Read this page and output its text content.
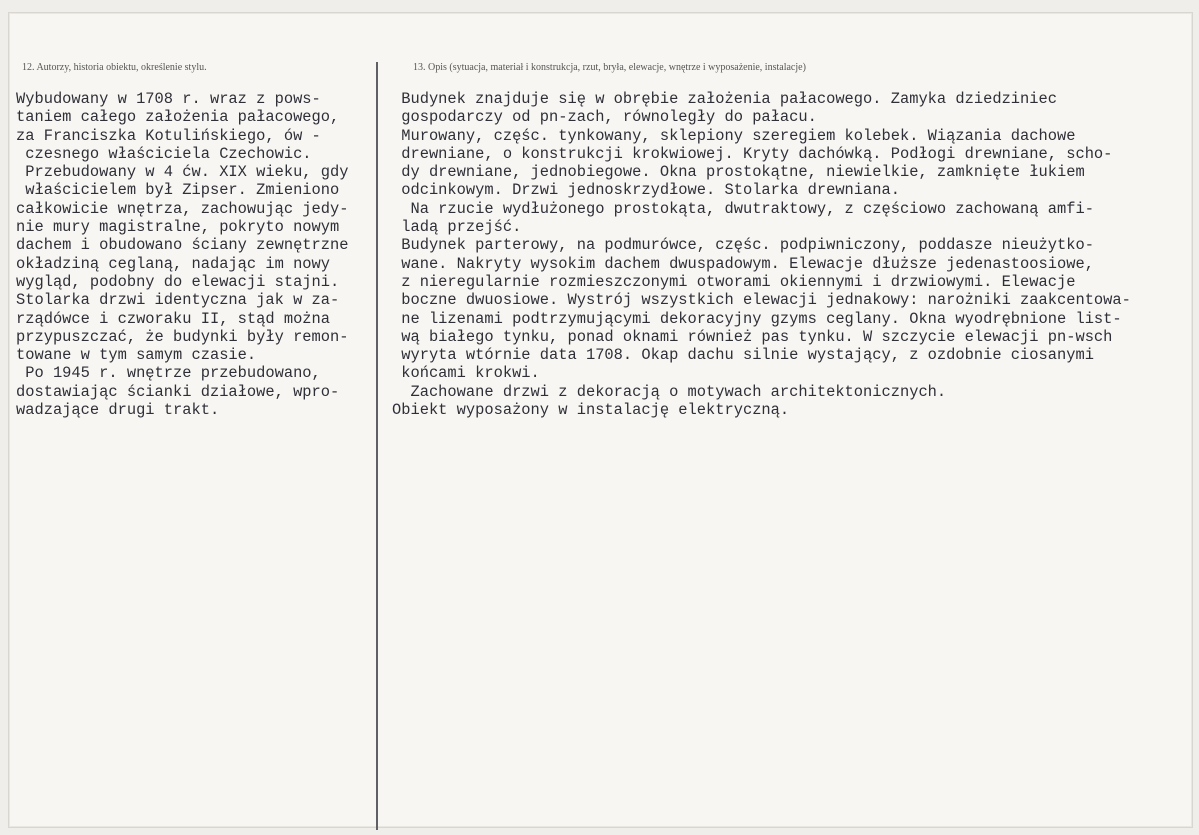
12. Autorzy, historia obiektu, określenie stylu.	13. Opis (sytuacja, materiał i konstrukcja, rzut, bryła, elewacje, wnętrze i wyposażenie, instalacje)
Wybudowany w 1708 r. wraz z pows-
taniem całego założenia pałacowego,
za Franciszka Kotulińskiego, ów -
czesnego właściciela Czechowic.
Przebudowany w 4 ćw. XIX wieku, gdy
właścicielem był Zipser. Zmieniono
całkowicie wnętrza, zachowując jedy-
nie mury magistralne, pokryto nowym
dachem i obudowano ściany zewnętrzne
okładziną ceglaną, nadając im nowy
wygląd, podobny do elewacji stajni.
Stolarka drzwi identyczna jak w za-
rządówce i czworaku II, stąd można
przypuszczać, że budynki były remon-
towane w tym samym czasie.
Po 1945 r. wnętrze przebudowano,
dostawiając ścianki działowe, wpro-
wadzające drugi trakt.
Budynek znajduje się w obrębie założenia pałacowego. Zamyka dziedziniec
gospodarczy od pn-zach, równoległy do pałacu.
Murowany, częśc. tynkowany, sklepiony szeregiem kolebek. Wiązania dachowe
drewniane, o konstrukcji krokwiowej. Kryty dachówką. Podłogi drewniane, scho-
dy drewniane, jednobiegowe. Okna prostokątne, niewielkie, zamknięte łukiem
odcinkowym. Drzwi jednoskrzydłowe. Stolarka drewniana.
Na rzucie wydłużonego prostokąta, dwutraktowy, z częściowo zachowaną amfi-
ladą przejść.
Budynek parterowy, na podmurówce, częśc. podpiwniczony, poddasze nieużytko-
wane. Nakryty wysokim dachem dwuspadowym. Elewacje dłuższe jedenastoosiowe,
z nieregularnie rozmieszczonymi otworami okiennymi i drzwiowymi. Elewacje
boczne dwuosiowe. Wystrój wszystkich elewacji jednakowy: narożniki zaakcentowa-
ne lizenami podtrzymującymi dekoracyjny gzyms ceglany. Okna wyodrębnione list-
wą białego tynku, ponad oknami również pas tynku. W szczycie elewacji pn-wsch
wyryta wtórnie data 1708. Okap dachu silnie wystający, z ozdobnie ciosanymi
końcami krokwi.
Zachowane drzwi z dekoracją o motywach architektonicznych.
Obiekt wyposażony w instalację elektryczną.
